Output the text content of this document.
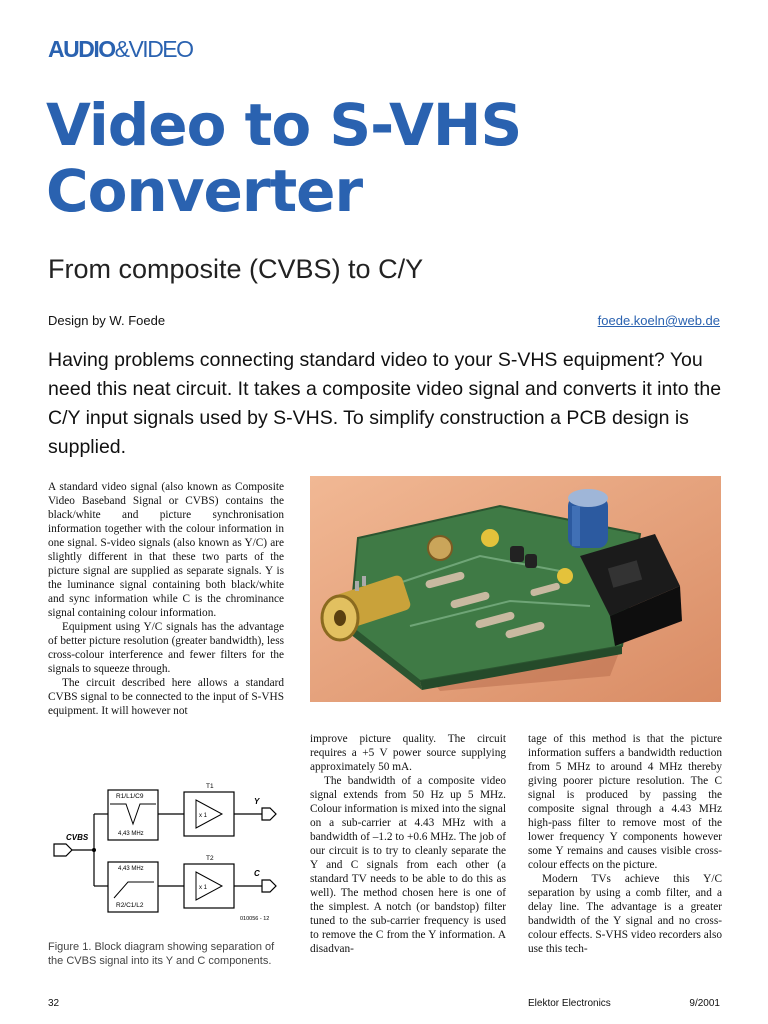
AUDIO&VIDEO
Video to S-VHS Converter
From composite (CVBS) to C/Y
Design by W. Foede	foede.koeln@web.de

Having problems connecting standard video to your S-VHS equipment? You need this neat circuit. It takes a composite video signal and converts it into the C/Y input signals used by S-VHS. To simplify construction a PCB design is supplied.

A standard video signal (also known as Composite Video Baseband Signal or CVBS) contains the black/white and picture synchronisation information together with the colour information in one signal. S-video signals (also known as Y/C) are slightly different in that these two parts of the picture signal are supplied as separate signals. Y is the luminance signal containing both black/white and sync information while C is the chrominance signal containing colour information.

Equipment using Y/C signals has the advantage of better picture resolution (greater bandwidth), less cross-colour interference and fewer filters for the signals to squeeze through.

The circuit described here allows a standard CVBS signal to be connected to the input of S-VHS equipment. It will however not

improve picture quality. The circuit requires a +5 V power source supplying approximately 50 mA.

The bandwidth of a composite video signal extends from 50 Hz up 5 MHz. Colour information is mixed into the signal on a sub-carrier at 4.43 MHz with a bandwidth of –1.2 to +0.6 MHz. The job of our circuit is to try to cleanly separate the Y and C signals from each other (a standard TV needs to be able to do this as well). The method chosen here is one of the simplest. A notch (or bandstop) filter tuned to the sub-carrier frequency is used to remove the C from the Y information. A disadvan-

tage of this method is that the picture information suffers a bandwidth reduction from 5 MHz to around 4 MHz thereby giving poorer picture resolution. The C signal is produced by passing the composite signal through a 4.43 MHz high-pass filter to remove most of the lower frequency Y components however some Y remains and causes visible cross-colour effects on the picture.

Modern TVs achieve this Y/C separation by using a comb filter, and a delay line. The advantage is a greater bandwidth of the Y signal and no cross-colour effects. S-VHS video recorders also use this tech-

CVBS
R1/L1/C9
4,43 MHz
T1
x 1
Y
4,43 MHz
R2/C1/L2
T2
x 1
C
010056 - 12
Figure 1. Block diagram showing separation of the CVBS signal into its Y and C components.
32	Elektor Electronics	9/2001
